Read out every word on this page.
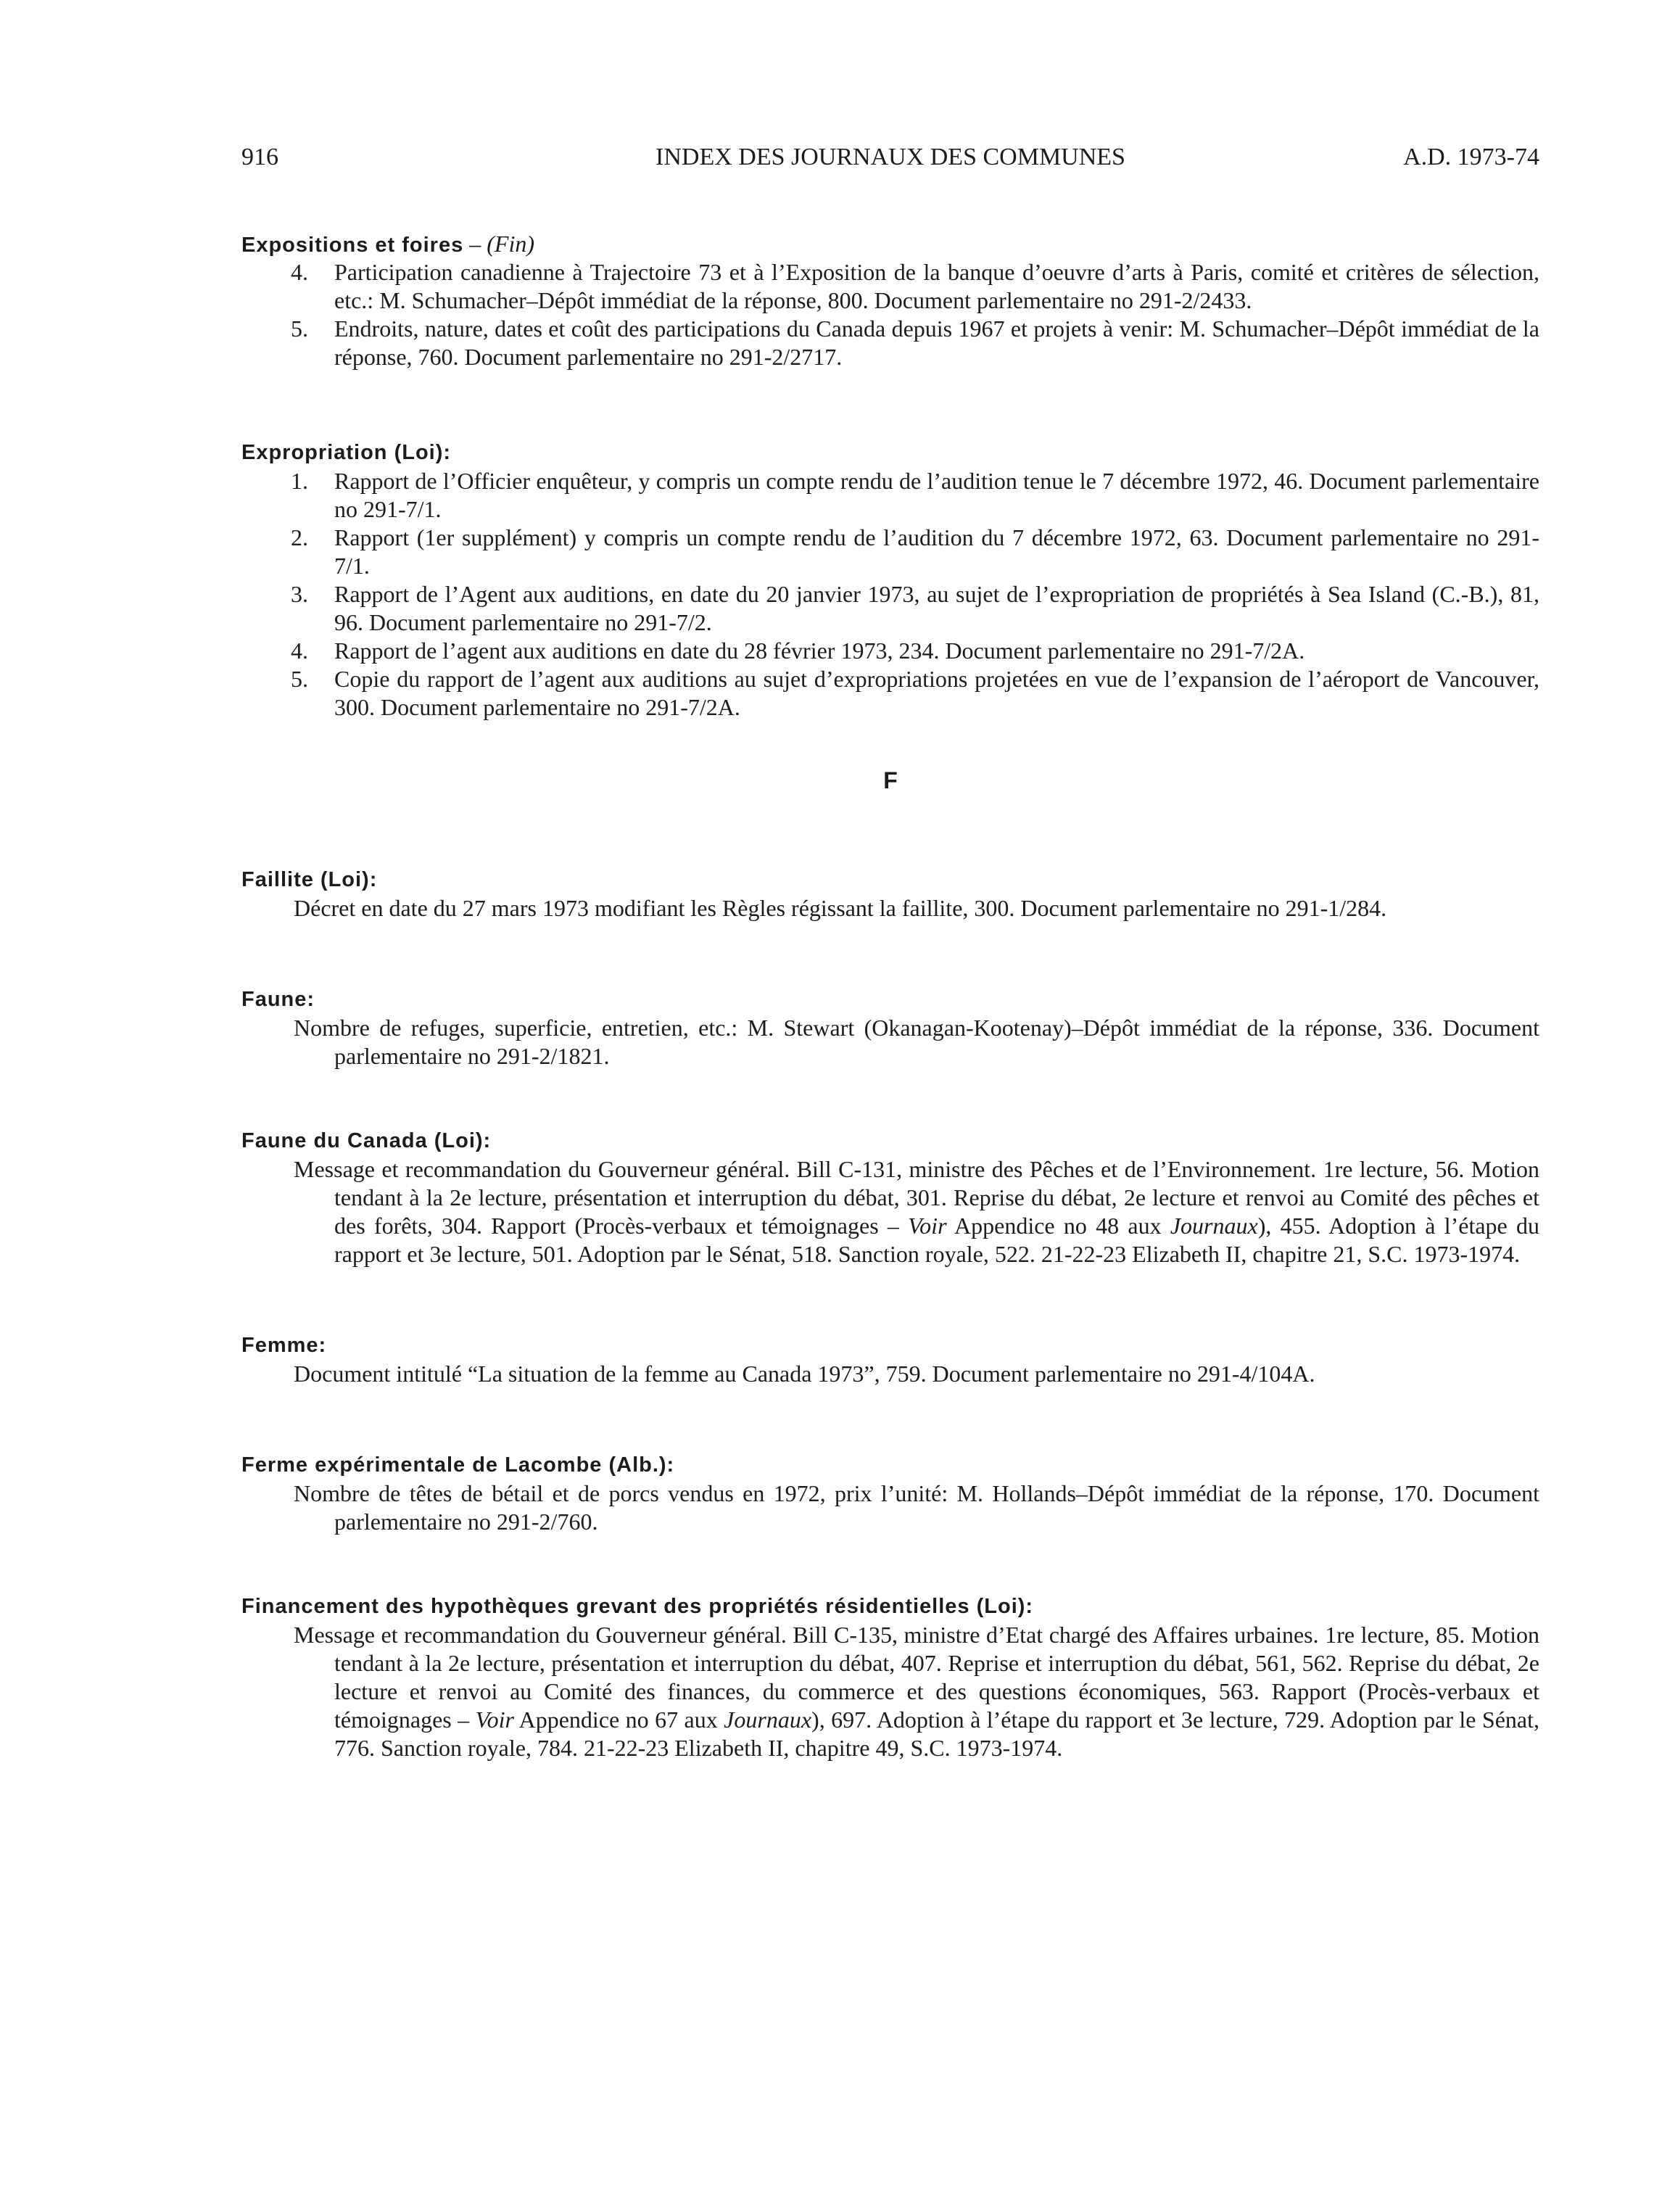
916	INDEX DES JOURNAUX DES COMMUNES	A.D. 1973-74
Expositions et foires – (Fin)
4. Participation canadienne à Trajectoire 73 et à l’Exposition de la banque d’oeuvre d’arts à Paris, comité et critères de sélection, etc.: M. Schumacher–Dépôt immédiat de la réponse, 800. Document parlementaire no 291-2/2433.
5. Endroits, nature, dates et coût des participations du Canada depuis 1967 et projets à venir: M. Schumacher–Dépôt immédiat de la réponse, 760. Document parlementaire no 291-2/2717.
Expropriation (Loi):
1. Rapport de l’Officier enquêteur, y compris un compte rendu de l’audition tenue le 7 décembre 1972, 46. Document parlementaire no 291-7/1.
2. Rapport (1er supplément) y compris un compte rendu de l’audition du 7 décembre 1972, 63. Document parlementaire no 291-7/1.
3. Rapport de l’Agent aux auditions, en date du 20 janvier 1973, au sujet de l’expropriation de propriétés à Sea Island (C.-B.), 81, 96. Document parlementaire no 291-7/2.
4. Rapport de l’agent aux auditions en date du 28 février 1973, 234. Document parlementaire no 291-7/2A.
5. Copie du rapport de l’agent aux auditions au sujet d’expropriations projetées en vue de l’expansion de l’aéroport de Vancouver, 300. Document parlementaire no 291-7/2A.
F
Faillite (Loi):
Décret en date du 27 mars 1973 modifiant les Règles régissant la faillite, 300. Document parlementaire no 291-1/284.
Faune:
Nombre de refuges, superficie, entretien, etc.: M. Stewart (Okanagan-Kootenay)–Dépôt immédiat de la réponse, 336. Document parlementaire no 291-2/1821.
Faune du Canada (Loi):
Message et recommandation du Gouverneur général. Bill C-131, ministre des Pêches et de l’Environnement. 1re lecture, 56. Motion tendant à la 2e lecture, présentation et interruption du débat, 301. Reprise du débat, 2e lecture et renvoi au Comité des pêches et des forêts, 304. Rapport (Procès-verbaux et témoignages – Voir Appendice no 48 aux Journaux), 455. Adoption à l’étape du rapport et 3e lecture, 501. Adoption par le Sénat, 518. Sanction royale, 522. 21-22-23 Elizabeth II, chapitre 21, S.C. 1973-1974.
Femme:
Document intitulé “La situation de la femme au Canada 1973”, 759. Document parlementaire no 291-4/104A.
Ferme expérimentale de Lacombe (Alb.):
Nombre de têtes de bétail et de porcs vendus en 1972, prix l’unité: M. Hollands–Dépôt immédiat de la réponse, 170. Document parlementaire no 291-2/760.
Financement des hypothèques grevant des propriétés résidentielles (Loi):
Message et recommandation du Gouverneur général. Bill C-135, ministre d’Etat chargé des Affaires urbaines. 1re lecture, 85. Motion tendant à la 2e lecture, présentation et interruption du débat, 407. Reprise et interruption du débat, 561, 562. Reprise du débat, 2e lecture et renvoi au Comité des finances, du commerce et des questions économiques, 563. Rapport (Procès-verbaux et témoignages – Voir Appendice no 67 aux Journaux), 697. Adoption à l’étape du rapport et 3e lecture, 729. Adoption par le Sénat, 776. Sanction royale, 784. 21-22-23 Elizabeth II, chapitre 49, S.C. 1973-1974.
